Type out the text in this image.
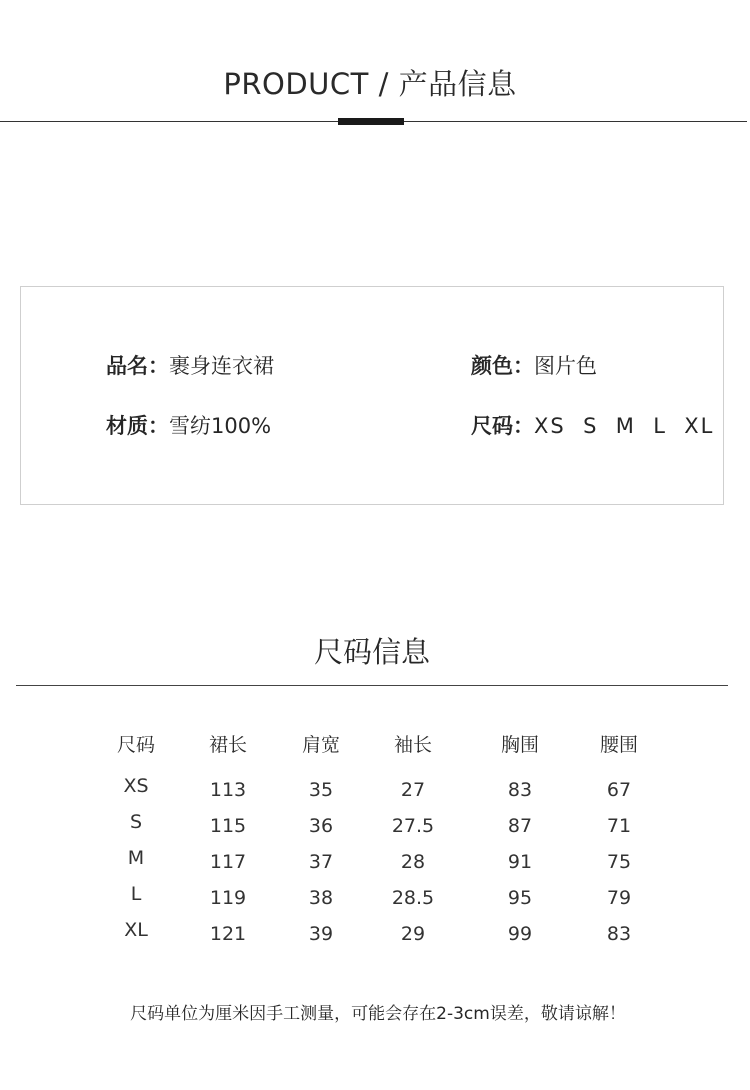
PRODUCT / 产品信息
品名：裹身连衣裙	颜色：图片色
材质：雪纺100%	尺码：XS  S  M  L  XL
尺码信息
尺码	裙长	肩宽	袖长	胸围	腰围
XS	113	35	27	83	67
S	115	36	27.5	87	71
M	117	37	28	91	75
L	119	38	28.5	95	79
XL	121	39	29	99	83
尺码单位为厘米因手工测量，可能会存在2-3cm误差，敬请谅解！
